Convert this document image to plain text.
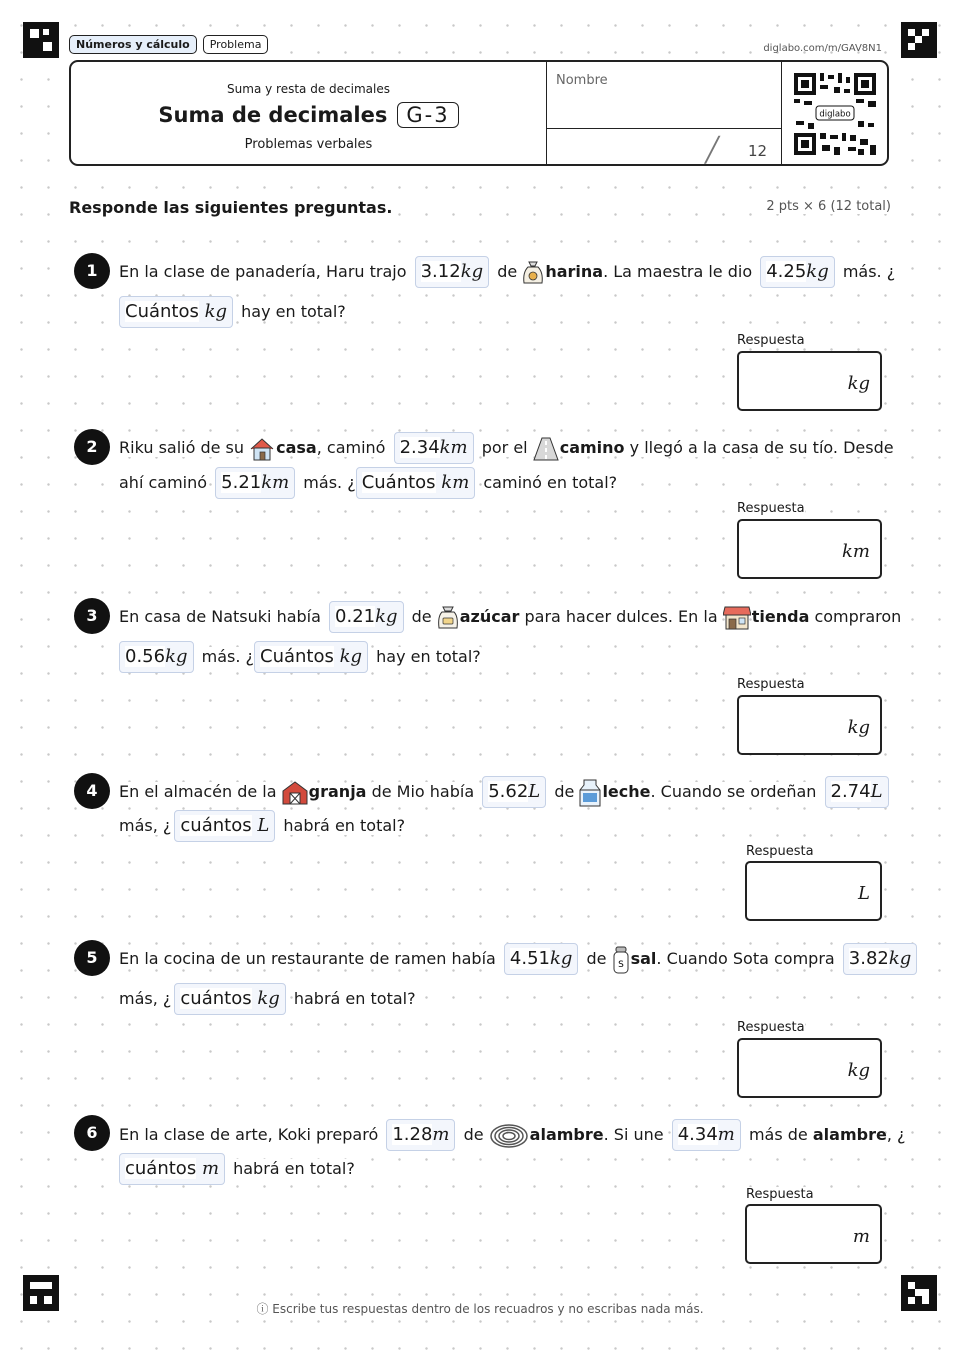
Números y cálculo	Problema	diglabo.com/m/GAV8N1
Suma y resta de decimales
Suma de decimales G-3
Problemas verbales
Nombre
╱ 12
diglabo
Responde las siguientes preguntas.	2 pts × 6 (12 total)
1	En la clase de panadería, Haru trajo 3.12kg de harina. La maestra le dio 4.25kg más. ¿
Cuántos kg hay en total?
Respuesta
kg
2	Riku salió de su casa, caminó 2.34km por el camino y llegó a la casa de su tío. Desde
ahí caminó 5.21km más. ¿ Cuántos km caminó en total?
Respuesta
km
3	En casa de Natsuki había 0.21kg de azúcar para hacer dulces. En la tienda compraron
0.56kg más. ¿ Cuántos kg hay en total?
Respuesta
kg
4	En el almacén de la granja de Mio había 5.62L de leche. Cuando se ordeñan 2.74L
más, ¿ cuántos L habrá en total?
Respuesta
L
5	En la cocina de un restaurante de ramen había 4.51kg de S sal. Cuando Sota compra 3.82kg
más, ¿ cuántos kg habrá en total?
Respuesta
kg
6	En la clase de arte, Koki preparó 1.28m de	alambre. Si une 4.34m más de alambre, ¿
cuántos m habrá en total?
Respuesta
m
ⓘ Escribe tus respuestas dentro de los recuadros y no escribas nada más.
